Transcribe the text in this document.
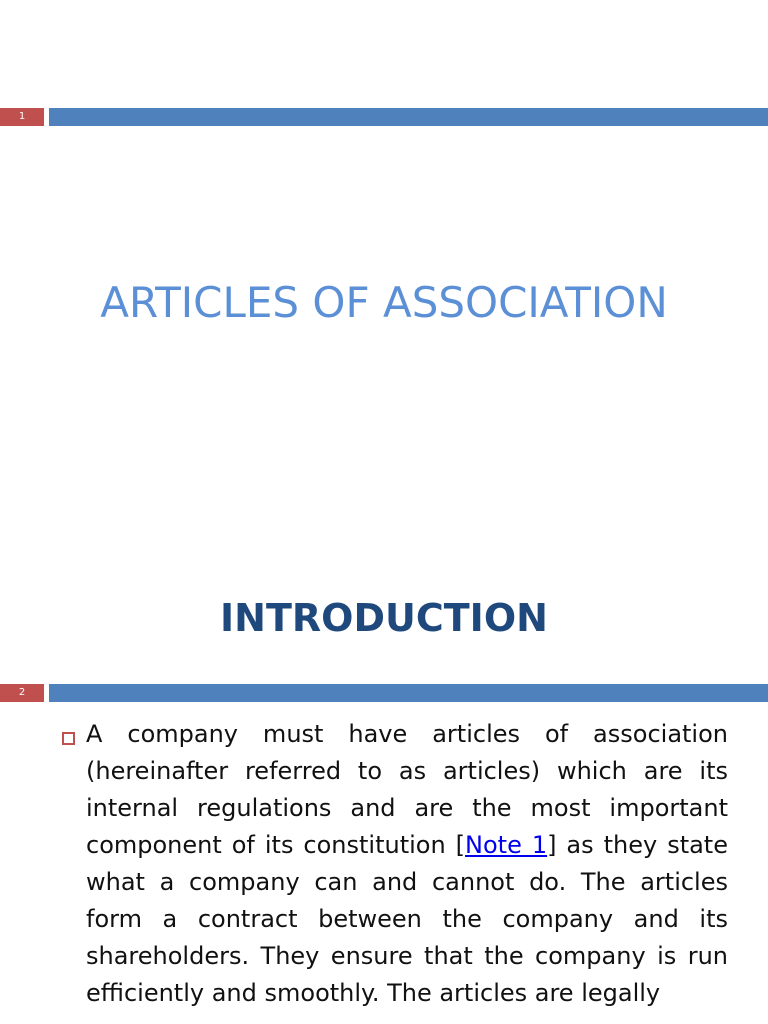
1
ARTICLES OF ASSOCIATION
INTRODUCTION
2
A company must have articles of association (hereinafter referred to as articles) which are its internal regulations and are the most important component of its constitution [Note 1] as they state what a company can and cannot do. The articles form a contract between the company and its shareholders. They ensure that the company is run efficiently and smoothly. The articles are legally
